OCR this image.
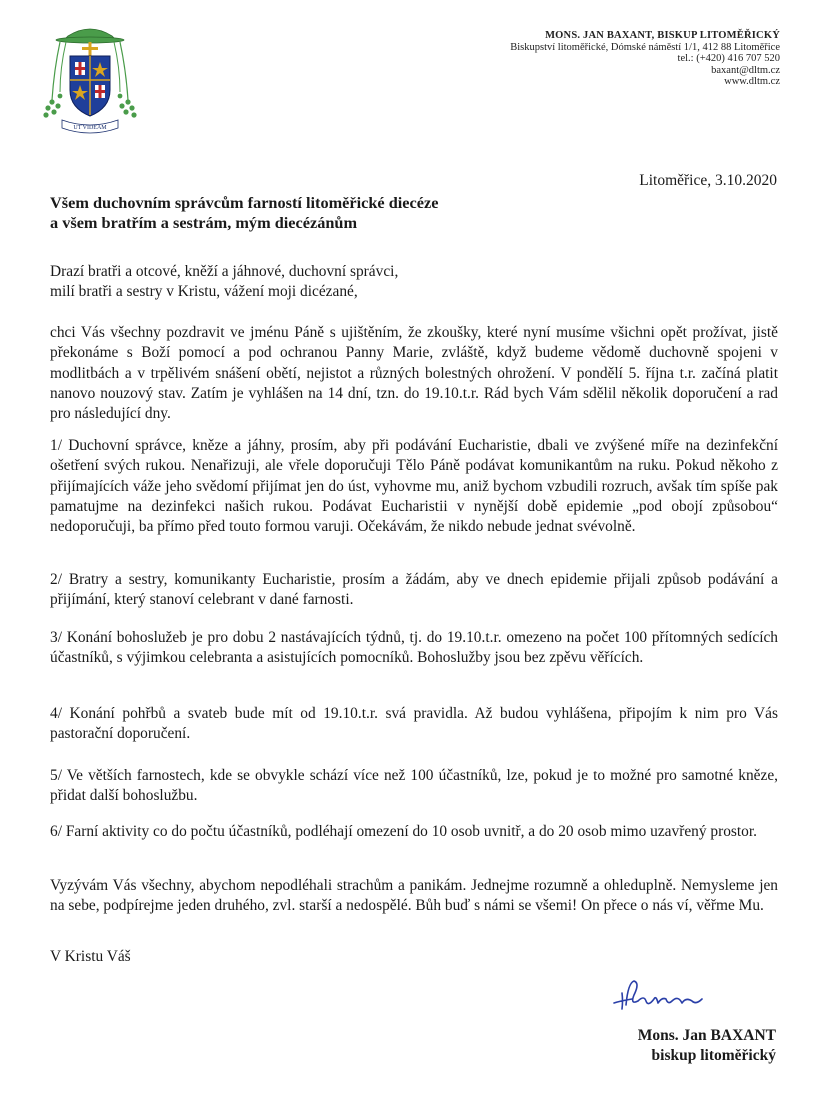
UT VIDEAM
MONS. JAN BAXANT, BISKUP LITOMĚŘICKÝ
Biskupství litoměřické, Dómské náměstí 1/1, 412 88 Litoměřice
tel.: (+420) 416 707 520
baxant@dltm.cz
www.dltm.cz
Litoměřice, 3.10.2020
Všem duchovním správcům farností litoměřické diecéze
a všem bratřím a sestrám, mým diecézánům
Drazí bratři a otcové, kněží a jáhnové, duchovní správci,
milí bratři a sestry v Kristu, vážení moji dicézané,

chci Vás všechny pozdravit ve jménu Páně s ujištěním, že zkoušky, které nyní musíme všichni opět prožívat, jistě překonáme s Boží pomocí a pod ochranou Panny Marie, zvláště, když budeme vědomě duchovně spojeni v modlitbách a v trpělivém snášení obětí, nejistot a různých bolestných ohrožení. V pondělí 5. října t.r. začíná platit nanovo nouzový stav. Zatím je vyhlášen na 14 dní, tzn. do 19.10.t.r. Rád bych Vám sdělil několik doporučení a rad pro následující dny.

1/ Duchovní správce, kněze a jáhny, prosím, aby při podávání Eucharistie, dbali ve zvýšené míře na dezinfekční ošetření svých rukou. Nenařizuji, ale vřele doporučuji Tělo Páně podávat komunikantům na ruku. Pokud někoho z přijímajících váže jeho svědomí přijímat jen do úst, vyhovme mu, aniž bychom vzbudili rozruch, avšak tím spíše pak pamatujme na dezinfekci našich rukou. Podávat Eucharistii v nynější době epidemie „pod obojí způsobou“ nedoporučuji, ba přímo před touto formou varuji. Očekávám, že nikdo nebude jednat svévolně.

2/ Bratry a sestry, komunikanty Eucharistie, prosím a žádám, aby ve dnech epidemie přijali způsob podávání a přijímání, který stanoví celebrant v dané farnosti.

3/ Konání bohoslužeb je pro dobu 2 nastávajících týdnů, tj. do 19.10.t.r. omezeno na počet 100 přítomných sedících účastníků, s výjimkou celebranta a asistujících pomocníků. Bohoslužby jsou bez zpěvu věřících.

4/ Konání pohřbů a svateb bude mít od 19.10.t.r. svá pravidla. Až budou vyhlášena, připojím k nim pro Vás pastorační doporučení.

5/ Ve větších farnostech, kde se obvykle schází více než 100 účastníků, lze, pokud je to možné pro samotné kněze, přidat další bohoslužbu.

6/ Farní aktivity co do počtu účastníků, podléhají omezení do 10 osob uvnitř, a do 20 osob mimo uzavřený prostor.

Vyzývám Vás všechny, abychom nepodléhali strachům a panikám. Jednejme rozumně a ohleduplně. Nemysleme jen na sebe, podpírejme jeden druhého, zvl. starší a nedospělé. Bůh buď s námi se všemi! On přece o nás ví, věřme Mu.

V Kristu Váš

Mons. Jan BAXANT
biskup litoměřický
